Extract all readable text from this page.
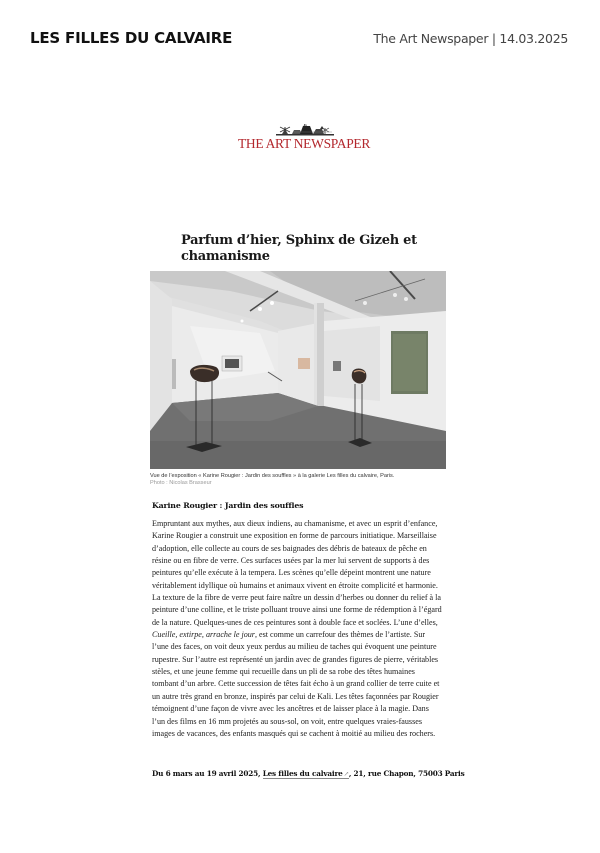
LES FILLES DU CALVAIRE	The Art Newspaper | 14.03.2025
THE ART NEWSPAPER
Parfum d’hier, Sphinx de Gizeh et chamanisme
Vue de l’exposition « Karine Rougier : Jardin des souffles » à la galerie Les filles du calvaire, Paris.
Photo : Nicolas Brasseur
Karine Rougier : Jardin des souffles

Empruntant aux mythes, aux dieux indiens, au chamanisme, et avec un esprit d’enfance, Karine Rougier a construit une exposition en forme de parcours initiatique. Marseillaise d’adoption, elle collecte au cours de ses baignades des débris de bateaux de pêche en résine ou en fibre de verre. Ces surfaces usées par la mer lui servent de supports à des peintures qu’elle exécute à la tempera. Les scènes qu’elle dépeint montrent une nature véritablement idyllique où humains et animaux vivent en étroite complicité et harmonie. La texture de la fibre de verre peut faire naître un dessin d’herbes ou donner du relief à la peinture d’une colline, et le triste polluant trouve ainsi une forme de rédemption à l’égard de la nature. Quelques-unes de ces peintures sont à double face et soclées. L’une d’elles, Cueille, extirpe, arrache le jour, est comme un carrefour des thèmes de l’artiste. Sur l’une des faces, on voit deux yeux perdus au milieu de taches qui évoquent une peinture rupestre. Sur l’autre est représenté un jardin avec de grandes figures de pierre, véritables stèles, et une jeune femme qui recueille dans un pli de sa robe des têtes humaines tombant d’un arbre. Cette succession de têtes fait écho à un grand collier de terre cuite et un autre très grand en bronze, inspirés par celui de Kali. Les têtes façonnées par Rougier témoignent d’une façon de vivre avec les ancêtres et de laisser place à la magie. Dans l’un des films en 16 mm projetés au sous-sol, on voit, entre quelques vraies-fausses images de vacances, des enfants masqués qui se cachent à moitié au milieu des rochers.

Du 6 mars au 19 avril 2025, Les filles du calvaire↗, 21, rue Chapon, 75003 Paris
